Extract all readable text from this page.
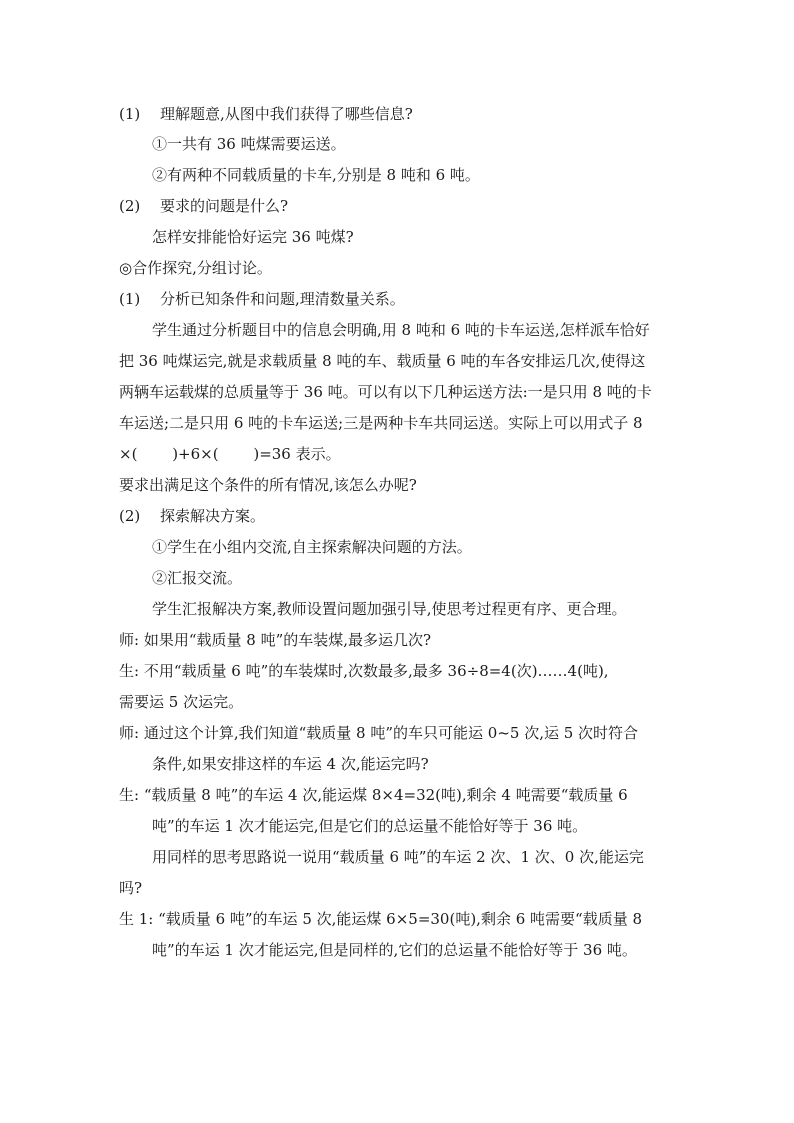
(1)　 理解题意,从图中我们获得了哪些信息?
①一共有 36 吨煤需要运送。
②有两种不同载质量的卡车,分别是 8 吨和 6 吨。
(2)　 要求的问题是什么?
怎样安排能恰好运完 36 吨煤?
◎合作探究,分组讨论。
(1)　 分析已知条件和问题,理清数量关系。
学生通过分析题目中的信息会明确,用 8 吨和 6 吨的卡车运送,怎样派车恰好
把 36 吨煤运完,就是求载质量 8 吨的车、载质量 6 吨的车各安排运几次,使得这
两辆车运载煤的总质量等于 36 吨。可以有以下几种运送方法:一是只用 8 吨的卡
车运送;二是只用 6 吨的卡车运送;三是两种卡车共同运送。实际上可以用式子 8
×(　　 )+6×(　　 )=36 表示。
要求出满足这个条件的所有情况,该怎么办呢?
(2)　 探索解决方案。
①学生在小组内交流,自主探索解决问题的方法。
②汇报交流。
学生汇报解决方案,教师设置问题加强引导,使思考过程更有序、更合理。
师: 如果用“载质量 8 吨”的车装煤,最多运几次?
生: 不用“载质量 6 吨”的车装煤时,次数最多,最多 36÷8=4(次)……4(吨),
需要运 5 次运完。
师: 通过这个计算,我们知道“载质量 8 吨”的车只可能运 0~5 次,运 5 次时符合
条件,如果安排这样的车运 4 次,能运完吗?
生: “载质量 8 吨”的车运 4 次,能运煤 8×4=32(吨),剩余 4 吨需要“载质量 6
吨”的车运 1 次才能运完,但是它们的总运量不能恰好等于 36 吨。
用同样的思考思路说一说用“载质量 6 吨”的车运 2 次、1 次、0 次,能运完
吗?
生 1: “载质量 6 吨”的车运 5 次,能运煤 6×5=30(吨),剩余 6 吨需要“载质量 8
吨”的车运 1 次才能运完,但是同样的,它们的总运量不能恰好等于 36 吨。
